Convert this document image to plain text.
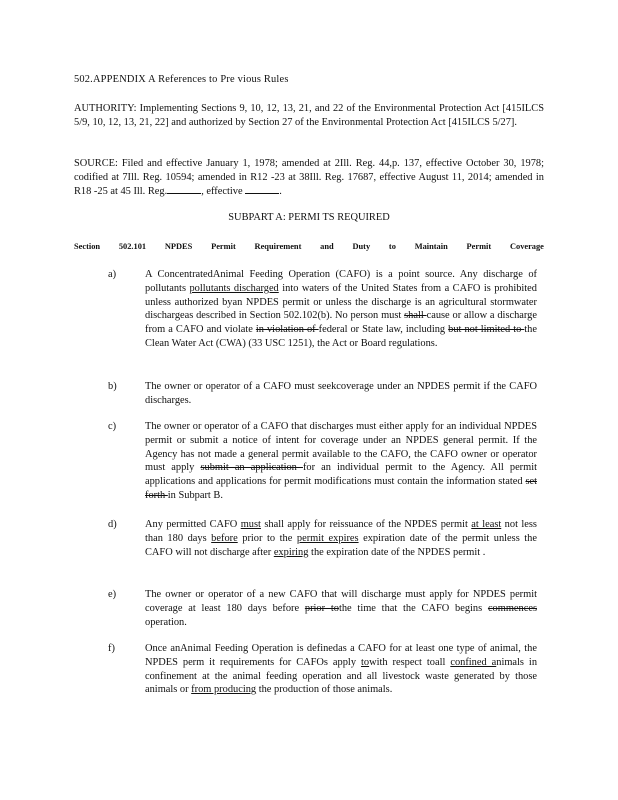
502.APPENDIX A References to Pre vious Rules
AUTHORITY: Implementing Sections 9, 10, 12, 13, 21, and 22 of the Environmental Protection Act [415ILCS 5/9, 10, 12, 13, 21, 22] and authorized by Section 27 of the Environmental Protection Act [415ILCS 5/27].
SOURCE: Filed and effective January 1, 1978; amended at 2Ill. Reg. 44,p. 137, effective October 30, 1978; codified at 7Ill. Reg. 10594; amended in R12 -23 at 38Ill. Reg. 17687, effective August 11, 2014; amended in R18 -25 at 45 Ill. Reg.	, effective	.
SUBPART A: PERMI TS REQUIRED
Section 502.101 NPDES Permit Requirement and Duty to Maintain Permit Coverage
a)	A ConcentratedAnimal Feeding Operation (CAFO) is a point source. Any discharge of pollutants pollutants discharged into waters of the United States from a CAFO is prohibited unless authorized byan NPDES permit or unless the discharge is an agricultural stormwater dischargeas described in Section 502.102(b). No person must shall cause or allow a discharge from a CAFO and violate in violation of federal or State law, including but not limited to the Clean Water Act (CWA) (33 USC 1251), the Act or Board regulations.
b)	The owner or operator of a CAFO must seekcoverage under an NPDES permit if the CAFO discharges.
c)	The owner or operator of a CAFO that discharges must either apply for an individual NPDES permit or submit a notice of intent for coverage under an NPDES general permit. If the Agency has not made a general permit available to the CAFO, the CAFO owner or operator must apply submit an application for an individual permit to the Agency. All permit applications and applications for permit modifications must contain the information stated set forth in Subpart B.
d)	Any permitted CAFO must shall apply for reissuance of the NPDES permit at least not less than 180 days before prior to the permit expires expiration date of the permit unless the CAFO will not discharge after expiring the expiration date of the NPDES permit .
e)	The owner or operator of a new CAFO that will discharge must apply for NPDES permit coverage at least 180 days before prior tothe time that the CAFO begins commences operation.
f)	Once anAnimal Feeding Operation is definedas a CAFO for at least one type of animal, the NPDES perm it requirements for CAFOs apply towith respect toall confined animals in confinement at the animal feeding operation and all livestock waste generated by those animals or from producing the production of those animals.
